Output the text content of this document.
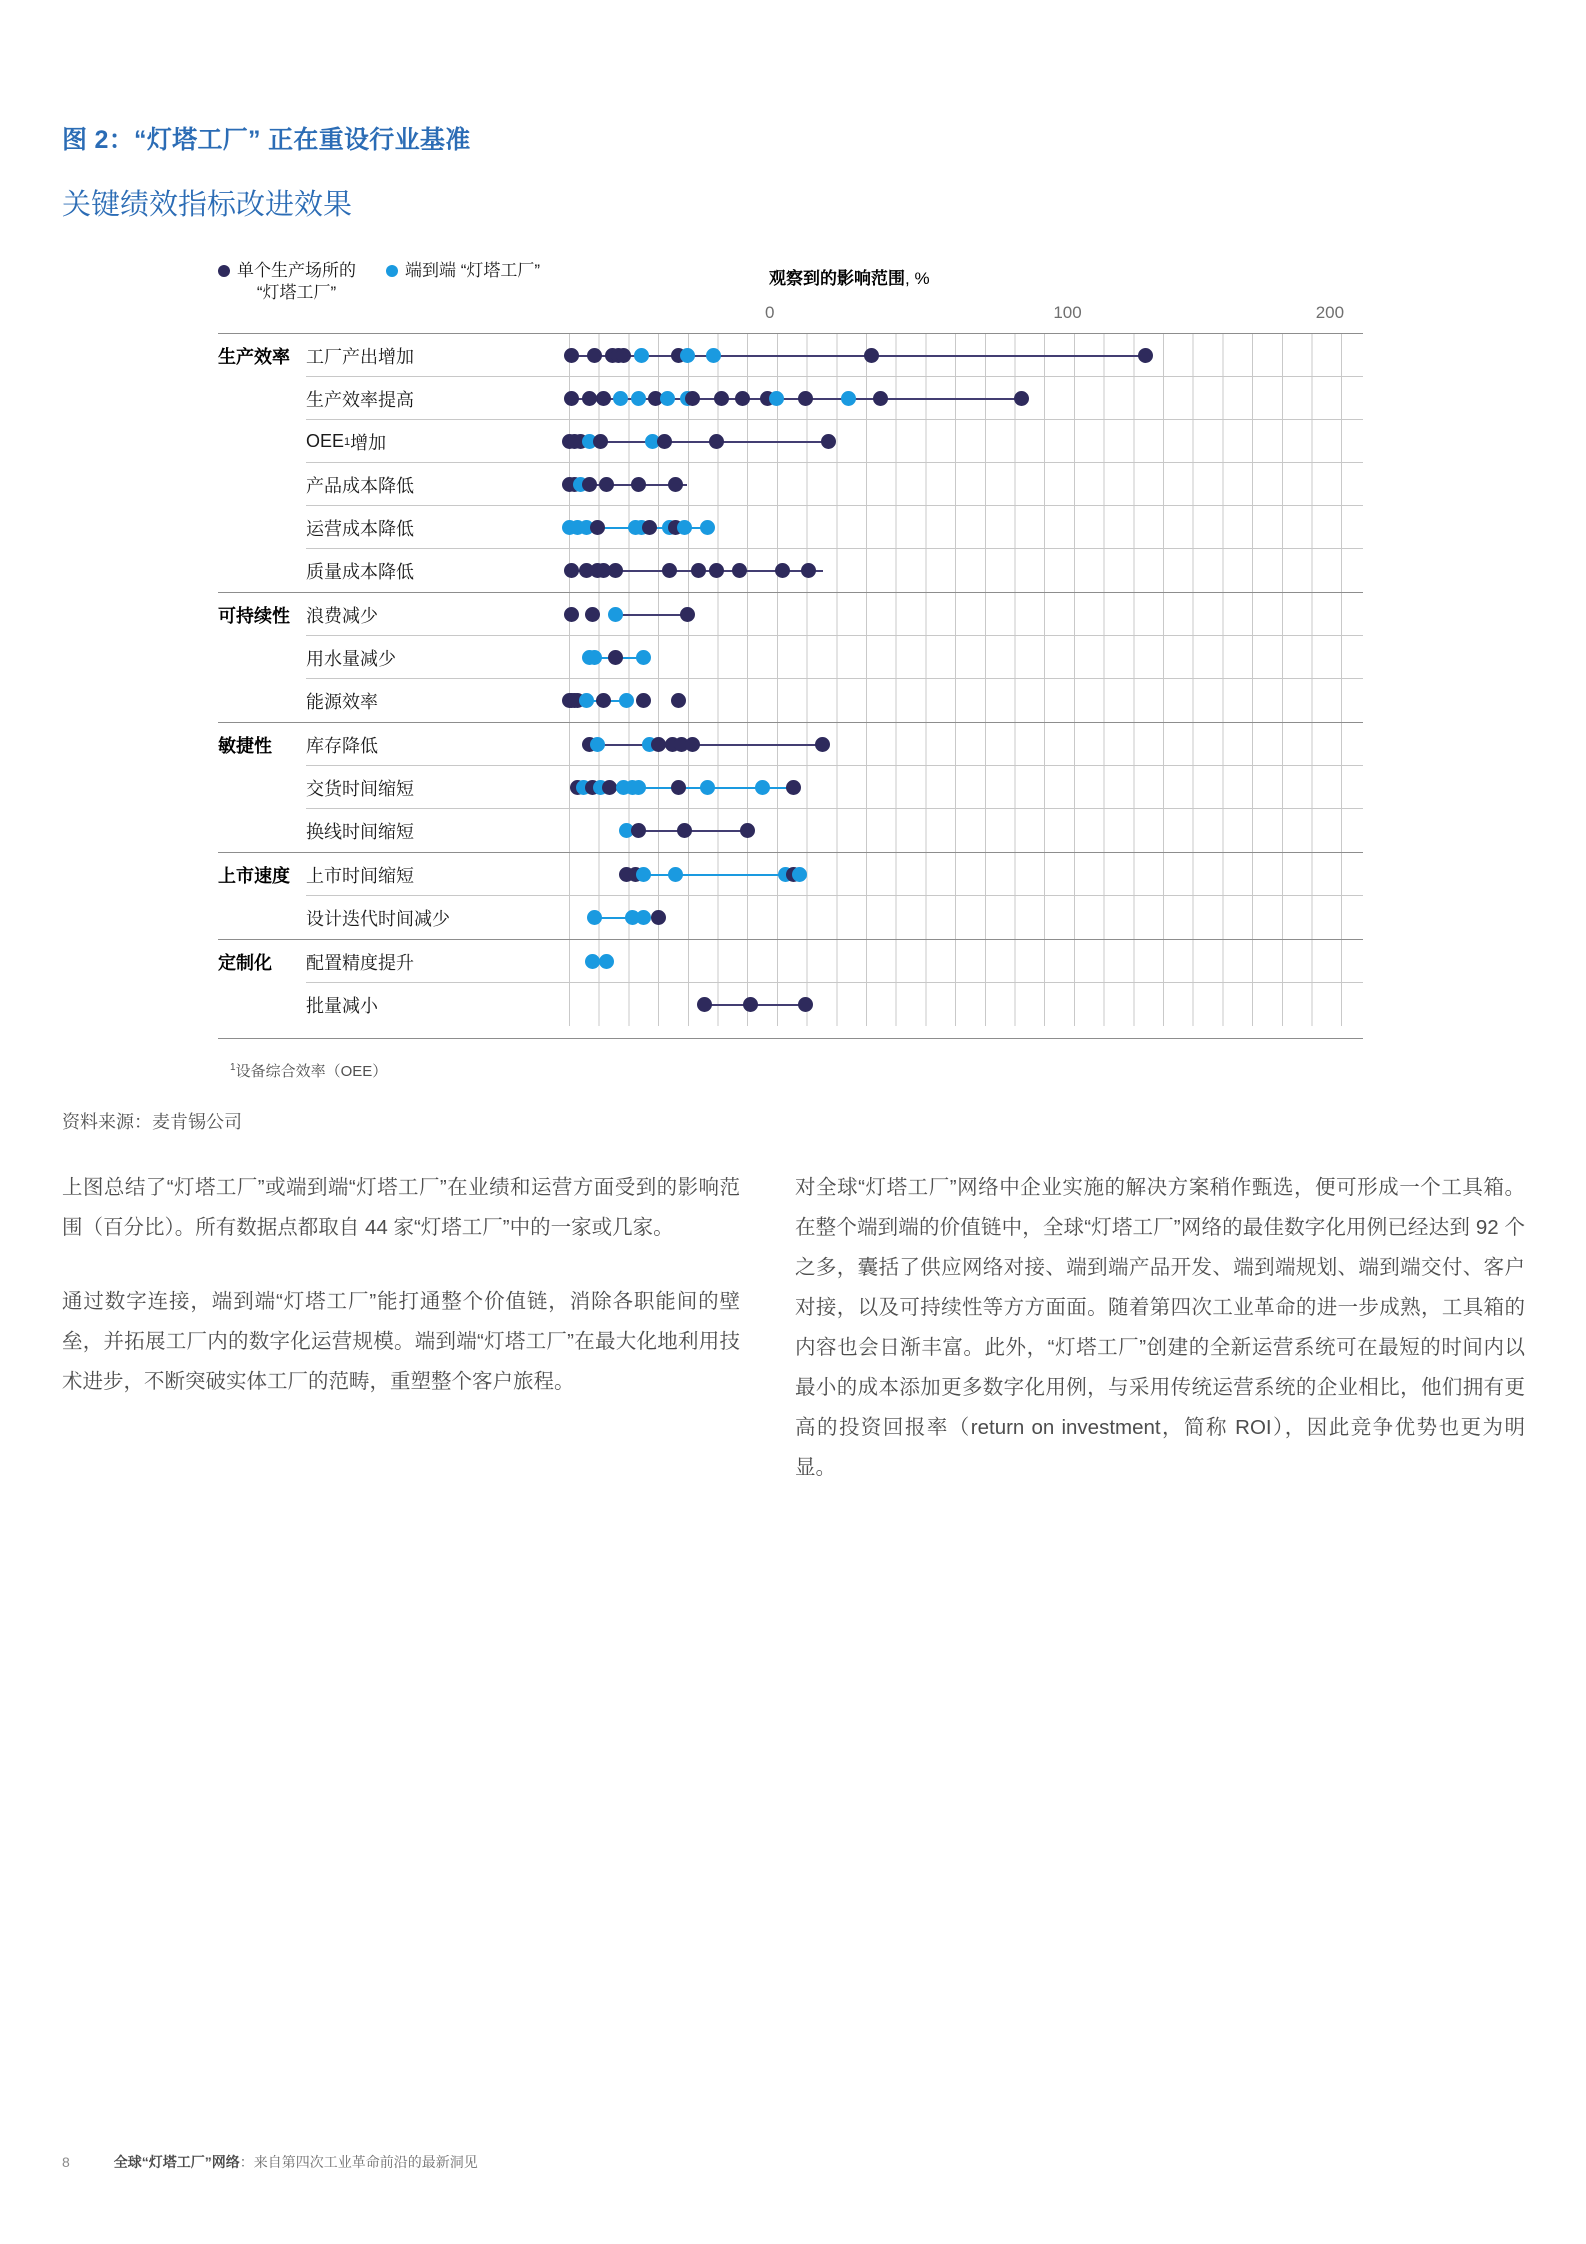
图 2：“灯塔工厂” 正在重设行业基准
关键绩效指标改进效果
单个生产场所的
“灯塔工厂”
端到端 “灯塔工厂”	观察到的影响范围, %
0	100	200
生产效率 工厂产出增加
生产效率提高
OEE 1 增加
产品成本降低
运营成本降低
质量成本降低
可持续性 浪费减少
用水量减少
能源效率
敏捷性	库存降低
交货时间缩短
换线时间缩短
上市速度 上市时间缩短
设计迭代时间减少
定制化	配置精度提升
批量减小
$^1$设备综合效率（OEE）
资料来源：麦肯锡公司

上图总结了“灯塔工厂”或端到端“灯塔工厂”在业绩和运营方面受到的影响范围（百分比）。所有数据点都取自 44 家“灯塔工厂”中的一家或几家。

通过数字连接，端到端“灯塔工厂”能打通整个价值链，消除各职能间的壁垒，并拓展工厂内的数字化运营规模。端到端“灯塔工厂”在最大化地利用技术进步，不断突破实体工厂的范畴，重塑整个客户旅程。

对全球“灯塔工厂”网络中企业实施的解决方案稍作甄选，便可形成一个工具箱。在整个端到端的价值链中，全球“灯塔工厂”网络的最佳数字化用例已经达到 92 个之多，囊括了供应网络对接、端到端产品开发、端到端规划、端到端交付、客户对接，以及可持续性等方方面面。随着第四次工业革命的进一步成熟，工具箱的内容也会日渐丰富。此外，“灯塔工厂”创建的全新运营系统可在最短的时间内以最小的成本添加更多数字化用例，与采用传统运营系统的企业相比，他们拥有更高的投资回报率（return on investment，简称 ROI），因此竞争优势也更为明显。

8	全球“灯塔工厂”网络：来自第四次工业革命前沿的最新洞见
